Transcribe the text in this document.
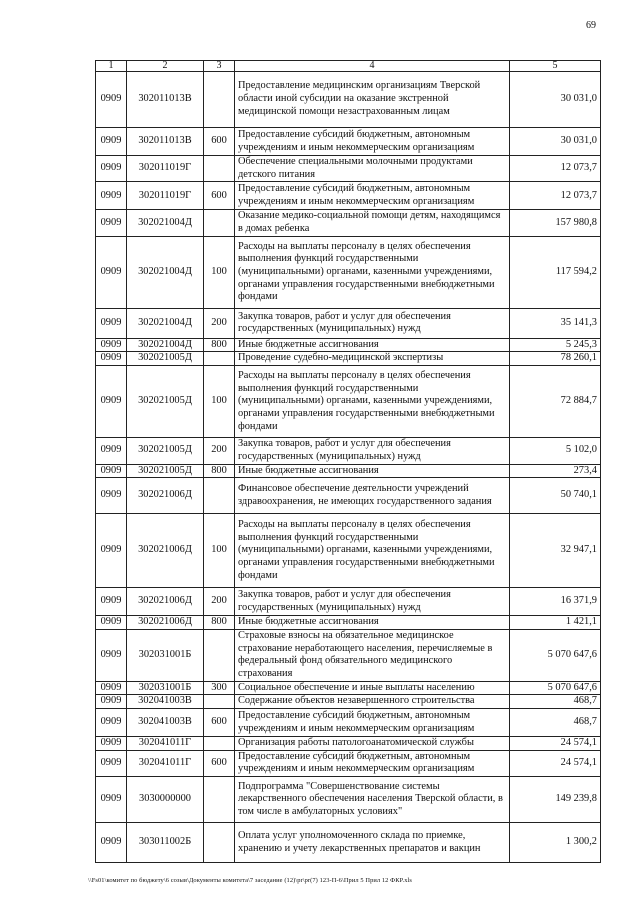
69
1	2	3	4	5
0909	302011013В		Предоставление медицинским организациям Тверской области иной субсидии на оказание экстренной медицинской помощи незастрахованным лицам	30 031,0
0909	302011013В	600	Предоставление субсидий бюджетным, автономным учреждениям и иным некоммерческим организациям	30 031,0
0909	302011019Г		Обеспечение специальными молочными продуктами детского питания	12 073,7
0909	302011019Г	600	Предоставление субсидий бюджетным, автономным учреждениям и иным некоммерческим организациям	12 073,7
0909	302021004Д		Оказание медико-социальной помощи детям, находящимся в домах ребенка	157 980,8
0909	302021004Д	100	Расходы на выплаты персоналу в целях обеспечения выполнения функций государственными (муниципальными) органами, казенными учреждениями, органами управления государственными внебюджетными фондами	117 594,2
0909	302021004Д	200	Закупка товаров, работ и услуг для обеспечения государственных (муниципальных) нужд	35 141,3
0909	302021004Д	800	Иные бюджетные ассигнования	5 245,3
0909	302021005Д		Проведение судебно-медицинской экспертизы	78 260,1
0909	302021005Д	100	Расходы на выплаты персоналу в целях обеспечения выполнения функций государственными (муниципальными) органами, казенными учреждениями, органами управления государственными внебюджетными фондами	72 884,7
0909	302021005Д	200	Закупка товаров, работ и услуг для обеспечения государственных (муниципальных) нужд	5 102,0
0909	302021005Д	800	Иные бюджетные ассигнования	273,4
0909	302021006Д		Финансовое обеспечение деятельности учреждений здравоохранения, не имеющих государственного задания	50 740,1
0909	302021006Д	100	Расходы на выплаты персоналу в целях обеспечения выполнения функций государственными (муниципальными) органами, казенными учреждениями, органами управления государственными внебюджетными фондами	32 947,1
0909	302021006Д	200	Закупка товаров, работ и услуг для обеспечения государственных (муниципальных) нужд	16 371,9
0909	302021006Д	800	Иные бюджетные ассигнования	1 421,1
0909	302031001Б		Страховые взносы на обязательное медицинское страхование неработающего населения, перечисляемые в федеральный фонд обязательного медицинского страхования	5 070 647,6
0909	302031001Б	300	Социальное обеспечение и иные выплаты населению	5 070 647,6
0909	302041003В		Содержание объектов незавершенного строительства	468,7
0909	302041003В	600	Предоставление субсидий бюджетным, автономным учреждениям и иным некоммерческим организациям	468,7
0909	302041011Г		Организация работы патологоанатомической службы	24 574,1
0909	302041011Г	600	Предоставление субсидий бюджетным, автономным учреждениям и иным некоммерческим организациям	24 574,1
0909	3030000000		Подпрограмма "Совершенствование системы лекарственного обеспечения населения Тверской области, в том числе в амбулаторных условиях"	149 239,8
0909	303011002Б		Оплата услуг уполномоченного склада по приемке, хранению и учету лекарственных препаратов и вакцин	1 300,2
\\Fs01\комитет по бюджету\6 созыв\Документы комитета\7 заседание (12)\pr\pr(7) 123-П-6\Прил 5 Прил 12 ФКР.xls
